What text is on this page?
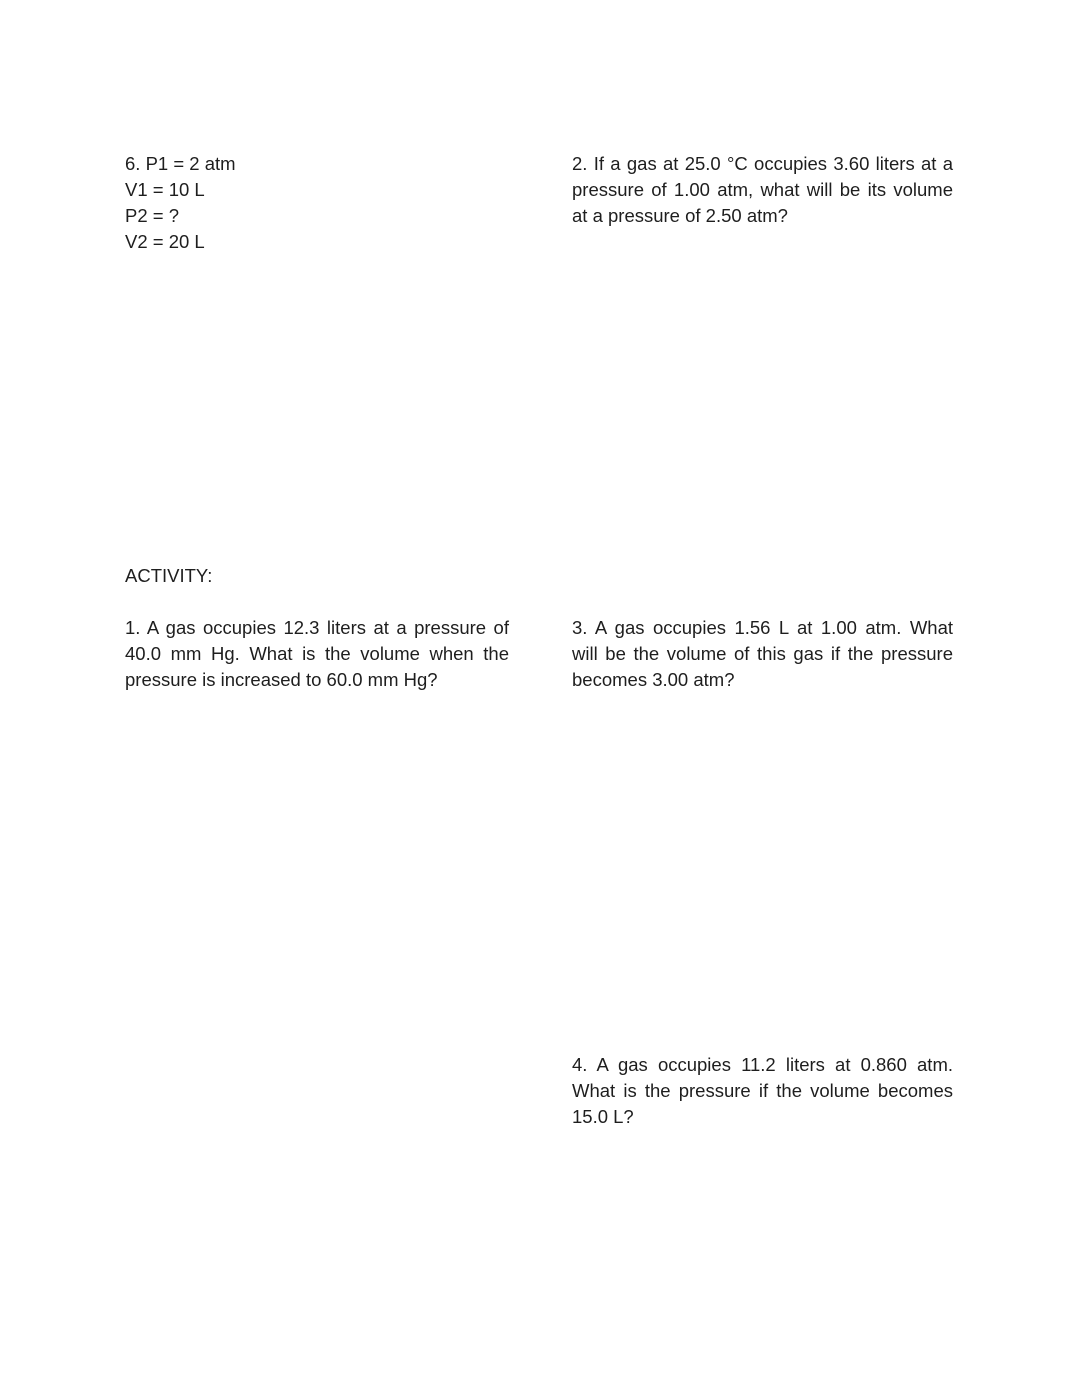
6. P1 = 2 atm
V1 = 10 L
P2 = ?
V2 = 20 L
2. If a gas at 25.0 °C occupies 3.60 liters at a pressure of 1.00 atm, what will be its volume at a pressure of 2.50 atm?
ACTIVITY:
1. A gas occupies 12.3 liters at a pressure of 40.0 mm Hg. What is the volume when the pressure is increased to 60.0 mm Hg?
3. A gas occupies 1.56 L at 1.00 atm. What will be the volume of this gas if the pressure becomes 3.00 atm?
4. A gas occupies 11.2 liters at 0.860 atm. What is the pressure if the volume becomes 15.0 L?
